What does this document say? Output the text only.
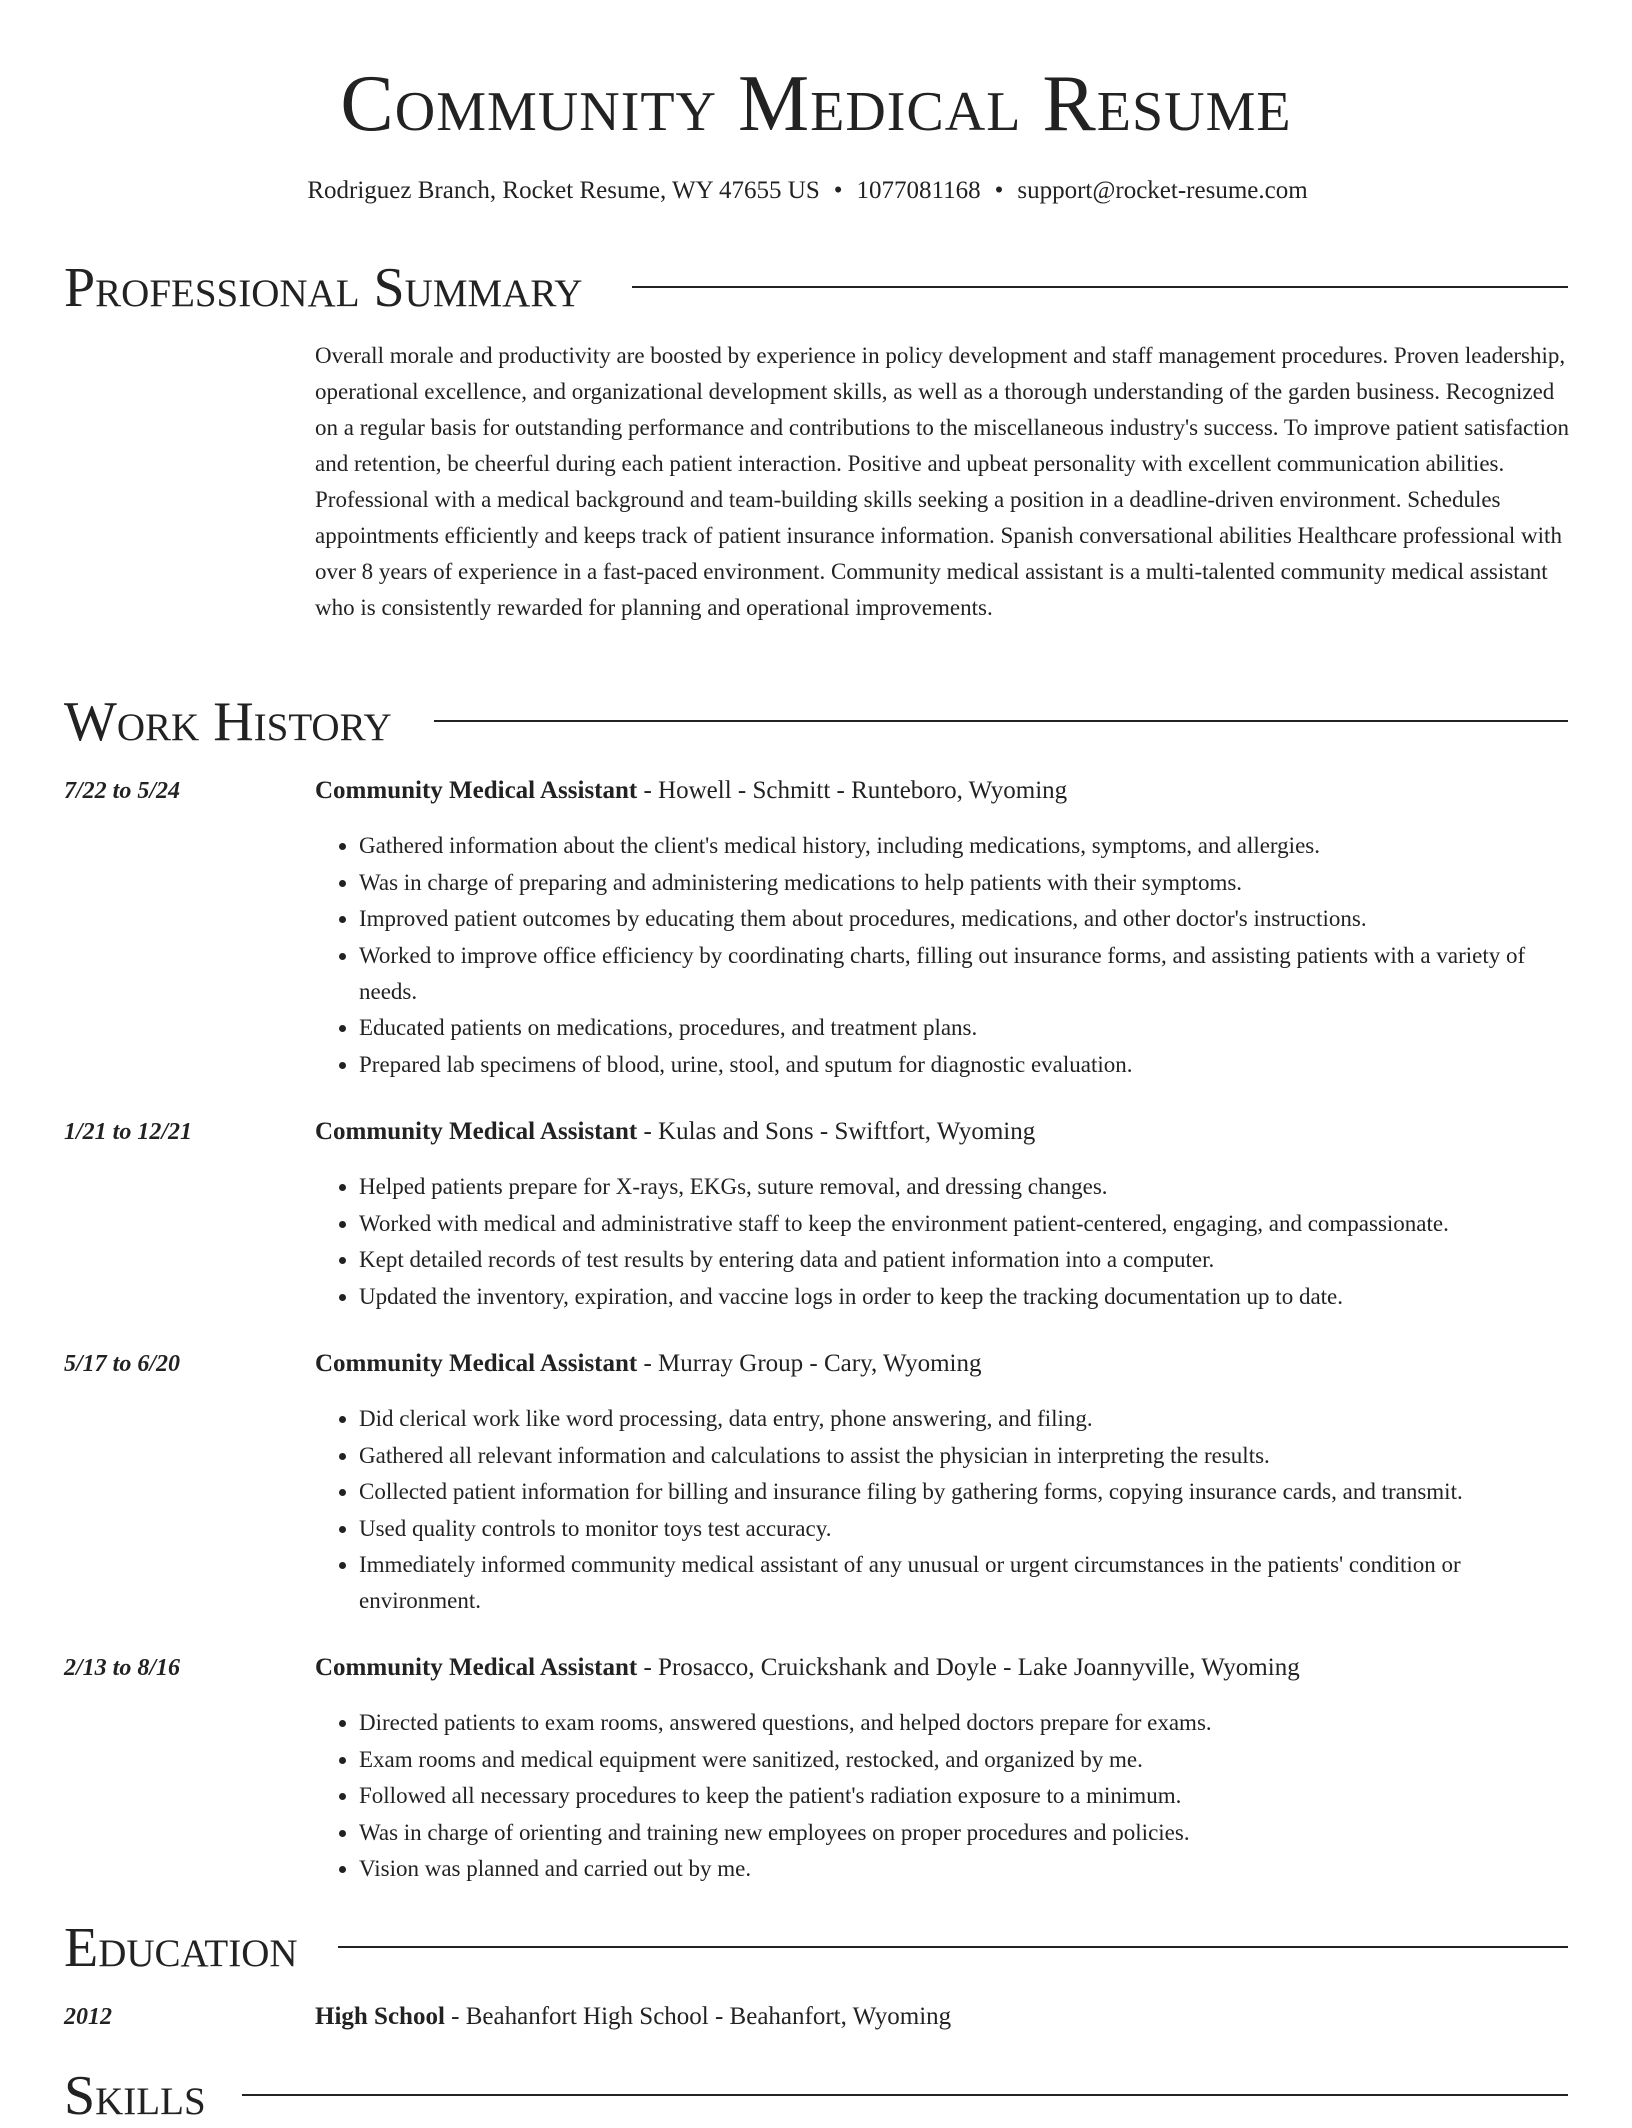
Community Medical Resume
Rodriguez Branch, Rocket Resume, WY 47655 US • 1077081168 • support@rocket-resume.com
Professional Summary

Overall morale and productivity are boosted by experience in policy development and staff management procedures. Proven leadership, operational excellence, and organizational development skills, as well as a thorough understanding of the garden business. Recognized on a regular basis for outstanding performance and contributions to the miscellaneous industry's success. To improve patient satisfaction and retention, be cheerful during each patient interaction. Positive and upbeat personality with excellent communication abilities. Professional with a medical background and team-building skills seeking a position in a deadline-driven environment. Schedules appointments efficiently and keeps track of patient insurance information. Spanish conversational abilities Healthcare professional with over 8 years of experience in a fast-paced environment. Community medical assistant is a multi-talented community medical assistant who is consistently rewarded for planning and operational improvements.

Work History
7/22 to 5/24	Community Medical Assistant - Howell - Schmitt - Runteboro, Wyoming
• Gathered information about the client's medical history, including medications, symptoms, and allergies.
• Was in charge of preparing and administering medications to help patients with their symptoms.
• Improved patient outcomes by educating them about procedures, medications, and other doctor's instructions.
• Worked to improve office efficiency by coordinating charts, filling out insurance forms, and assisting patients with a variety of needs.
• Educated patients on medications, procedures, and treatment plans.
• Prepared lab specimens of blood, urine, stool, and sputum for diagnostic evaluation.
1/21 to 12/21	Community Medical Assistant - Kulas and Sons - Swiftfort, Wyoming
• Helped patients prepare for X-rays, EKGs, suture removal, and dressing changes.
• Worked with medical and administrative staff to keep the environment patient-centered, engaging, and compassionate.
• Kept detailed records of test results by entering data and patient information into a computer.
• Updated the inventory, expiration, and vaccine logs in order to keep the tracking documentation up to date.
5/17 to 6/20	Community Medical Assistant - Murray Group - Cary, Wyoming
• Did clerical work like word processing, data entry, phone answering, and filing.
• Gathered all relevant information and calculations to assist the physician in interpreting the results.
• Collected patient information for billing and insurance filing by gathering forms, copying insurance cards, and transmit.
• Used quality controls to monitor toys test accuracy.
• Immediately informed community medical assistant of any unusual or urgent circumstances in the patients' condition or environment.
2/13 to 8/16	Community Medical Assistant - Prosacco, Cruickshank and Doyle - Lake Joannyville, Wyoming
• Directed patients to exam rooms, answered questions, and helped doctors prepare for exams.
• Exam rooms and medical equipment were sanitized, restocked, and organized by me.
• Followed all necessary procedures to keep the patient's radiation exposure to a minimum.
• Was in charge of orienting and training new employees on proper procedures and policies.
• Vision was planned and carried out by me.
Education
2012	High School - Beahanfort High School - Beahanfort, Wyoming
Skills
